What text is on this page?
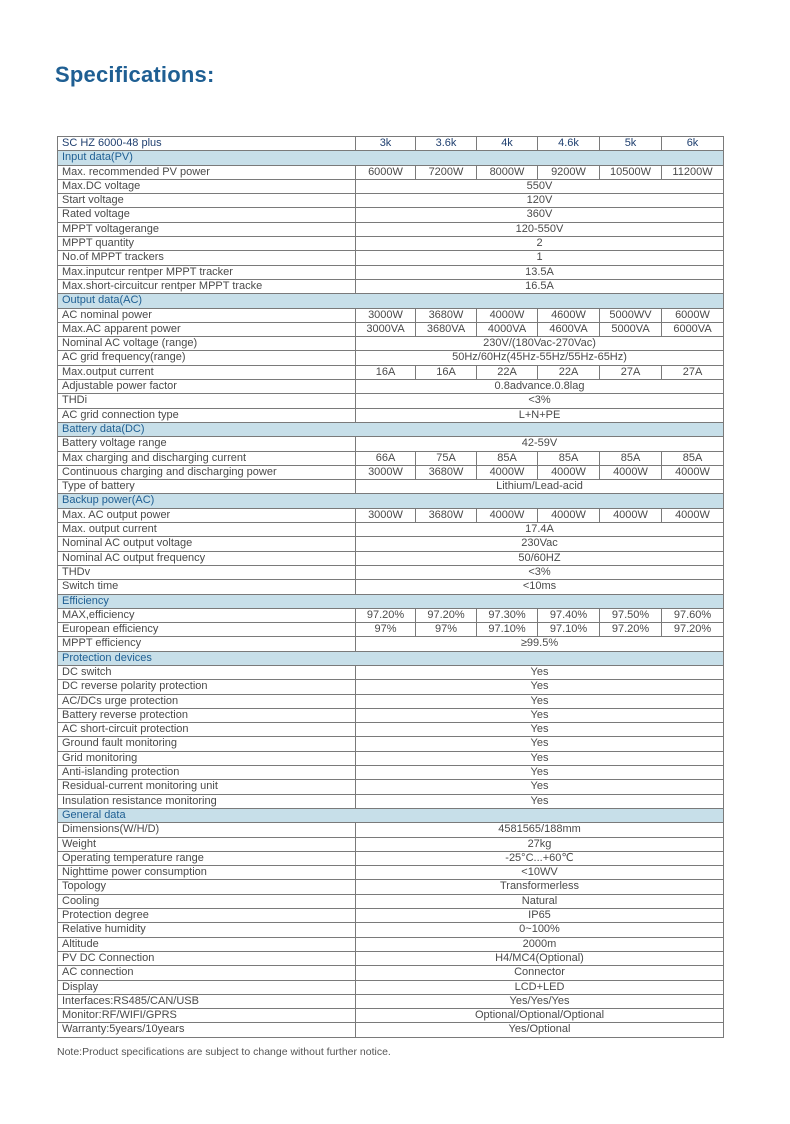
Specifications:
SC HZ 6000-48 plus	3k	3.6k	4k	4.6k	5k	6k
Input data(PV)						
Max. recommended PV power	6000W	7200W	8000W	9200W	10500W	11200W
Max.DC voltage	550V					
Start voltage	120V					
Rated voltage	360V					
MPPT voltagerange	120-550V					
MPPT quantity	2					
No.of MPPT trackers	1					
Max.inputcur rentper MPPT tracker	13.5A					
Max.short-circuitcur rentper MPPT tracke	16.5A					
Output data(AC)						
AC nominal power	3000W	3680W	4000W	4600W	5000WV	6000W
Max.AC apparent power	3000VA	3680VA	4000VA	4600VA	5000VA	6000VA
Nominal AC voltage (range)	230V/(180Vac-270Vac)					
AC grid frequency(range)	50Hz/60Hz(45Hz-55Hz/55Hz-65Hz)					
Max.output current	16A	16A	22A	22A	27A	27A
Adjustable power factor	0.8advance.0.8lag					
THDi	<3%					
AC grid connection type	L+N+PE					
Battery data(DC)						
Battery voltage range	42-59V					
Max charging and discharging current	66A	75A	85A	85A	85A	85A
Continuous charging and discharging power	3000W	3680W	4000W	4000W	4000W	4000W
Type of battery	Lithium/Lead-acid					
Backup power(AC)						
Max. AC output power	3000W	3680W	4000W	4000W	4000W	4000W
Max. output current	17.4A					
Nominal AC output voltage	230Vac					
Nominal AC output frequency	50/60HZ					
THDv	<3%					
Switch time	<10ms					
Efficiency						
MAX,efficiency	97.20%	97.20%	97.30%	97.40%	97.50%	97.60%
European efficiency	97%	97%	97.10%	97.10%	97.20%	97.20%
MPPT efficiency	≥99.5%					
Protection devices						
DC switch	Yes					
DC reverse polarity protection	Yes					
AC/DCs urge protection	Yes					
Battery reverse protection	Yes					
AC short-circuit protection	Yes					
Ground fault monitoring	Yes					
Grid monitoring	Yes					
Anti-islanding protection	Yes					
Residual-current monitoring unit	Yes					
Insulation resistance monitoring	Yes					
General data						
Dimensions(W/H/D)	4581565/188mm					
Weight	27kg					
Operating temperature range	-25°C...+60℃					
Nighttime power consumption	<10WV					
Topology	Transformerless					
Cooling	Natural					
Protection degree	IP65					
Relative humidity	0~100%					
Altitude	2000m					
PV DC Connection	H4/MC4(Optional)					
AC connection	Connector					
Display	LCD+LED					
Interfaces:RS485/CAN/USB	Yes/Yes/Yes					
Monitor:RF/WIFI/GPRS	Optional/Optional/Optional					
Warranty:5years/10years	Yes/Optional					
Note:Product specifications are subject to change without further notice.
